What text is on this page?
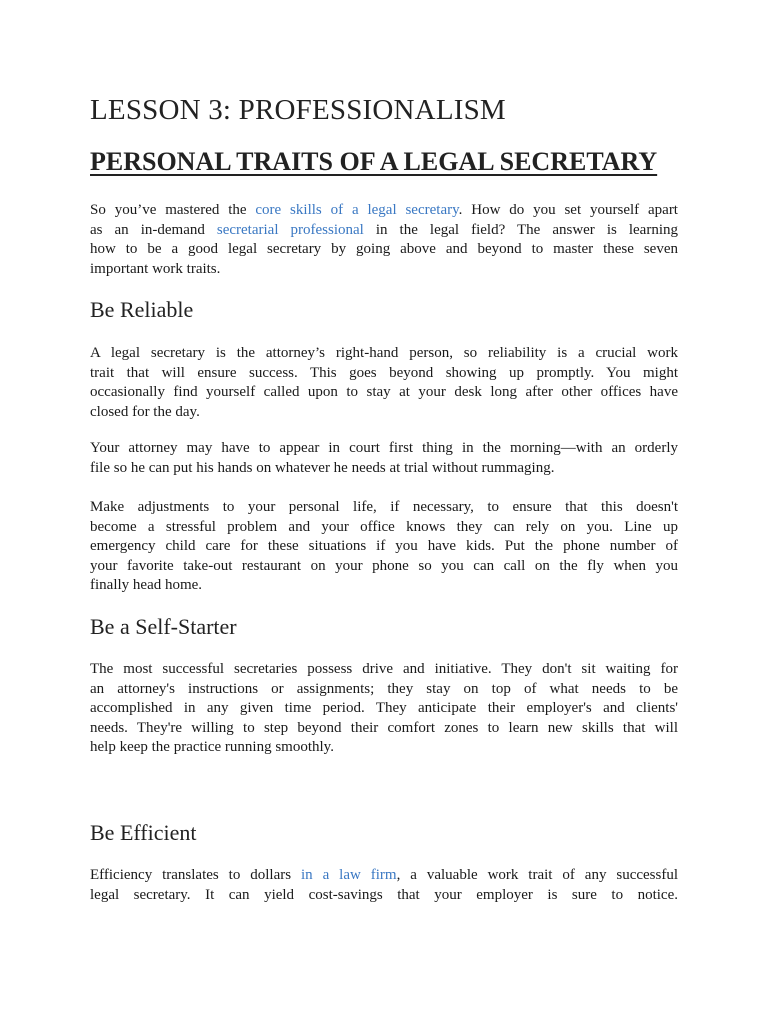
LESSON 3: PROFESSIONALISM
PERSONAL TRAITS OF A LEGAL SECRETARY
So you’ve mastered the core skills of a legal secretary. How do you set yourself apart
as an in-demand secretarial professional in the legal field? The answer is learning
how to be a good legal secretary by going above and beyond to master these seven
important work traits.
Be Reliable
A legal secretary is the attorney’s right-hand person, so reliability is a crucial work
trait that will ensure success. This goes beyond showing up promptly. You might
occasionally find yourself called upon to stay at your desk long after other offices have
closed for the day.
Your attorney may have to appear in court first thing in the morning—with an orderly
file so he can put his hands on whatever he needs at trial without rummaging.
Make adjustments to your personal life, if necessary, to ensure that this doesn't
become a stressful problem and your office knows they can rely on you. Line up
emergency child care for these situations if you have kids. Put the phone number of
your favorite take-out restaurant on your phone so you can call on the fly when you
finally head home.
Be a Self-Starter
The most successful secretaries possess drive and initiative. They don't sit waiting for
an attorney's instructions or assignments; they stay on top of what needs to be
accomplished in any given time period. They anticipate their employer's and clients'
needs. They're willing to step beyond their comfort zones to learn new skills that will
help keep the practice running smoothly.
Be Efficient
Efficiency translates to dollars in a law firm, a valuable work trait of any successful
legal secretary. It can yield cost-savings that your employer is sure to notice.
